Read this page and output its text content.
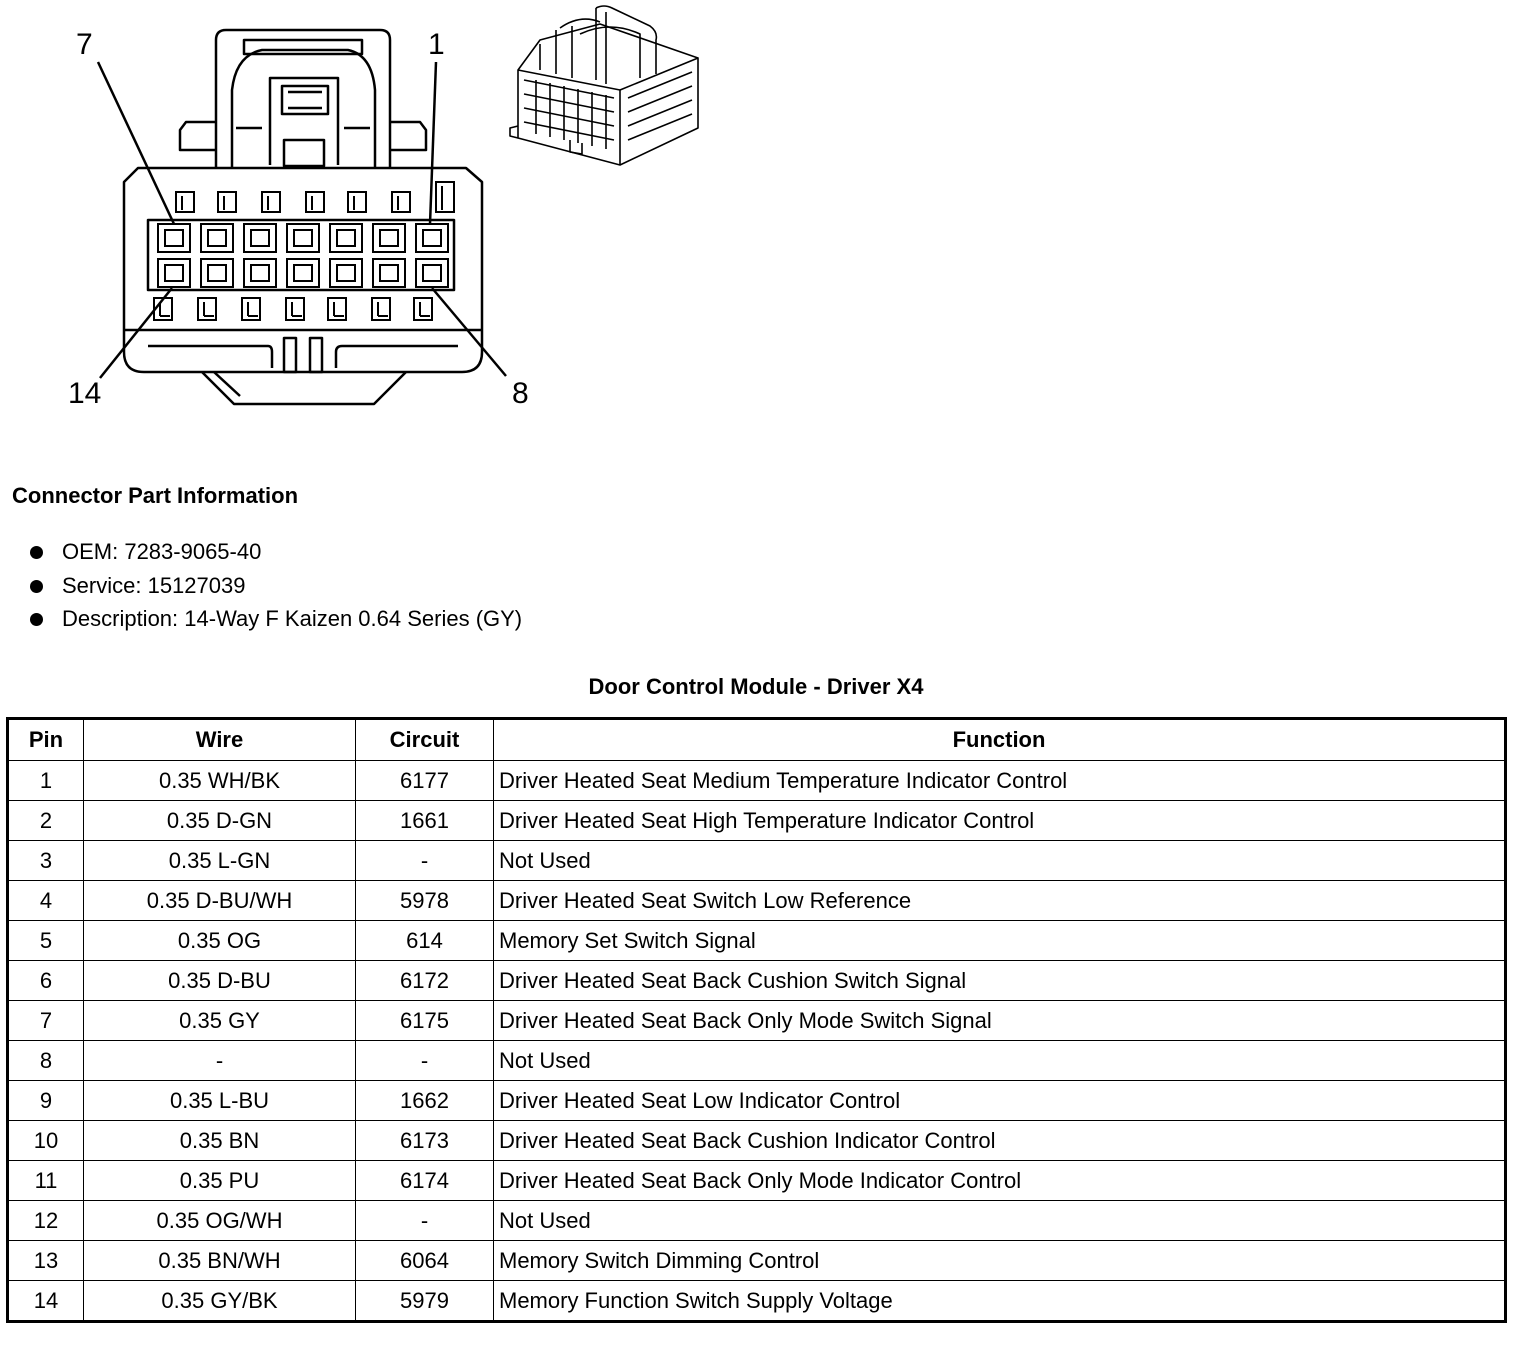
7	1
14	8
Connector Part Information
OEM: 7283-9065-40
Service: 15127039
Description: 14-Way F Kaizen 0.64 Series (GY)
Door Control Module - Driver X4
Pin	Wire	Circuit	Function
1	0.35 WH/BK	6177	Driver Heated Seat Medium Temperature Indicator Control
2	0.35 D-GN	1661	Driver Heated Seat High Temperature Indicator Control
3	0.35 L-GN	-	Not Used
4	0.35 D-BU/WH	5978	Driver Heated Seat Switch Low Reference
5	0.35 OG	614	Memory Set Switch Signal
6	0.35 D-BU	6172	Driver Heated Seat Back Cushion Switch Signal
7	0.35 GY	6175	Driver Heated Seat Back Only Mode Switch Signal
8	-	-	Not Used
9	0.35 L-BU	1662	Driver Heated Seat Low Indicator Control
10	0.35 BN	6173	Driver Heated Seat Back Cushion Indicator Control
11	0.35 PU	6174	Driver Heated Seat Back Only Mode Indicator Control
12	0.35 OG/WH	-	Not Used
13	0.35 BN/WH	6064	Memory Switch Dimming Control
14	0.35 GY/BK	5979	Memory Function Switch Supply Voltage
